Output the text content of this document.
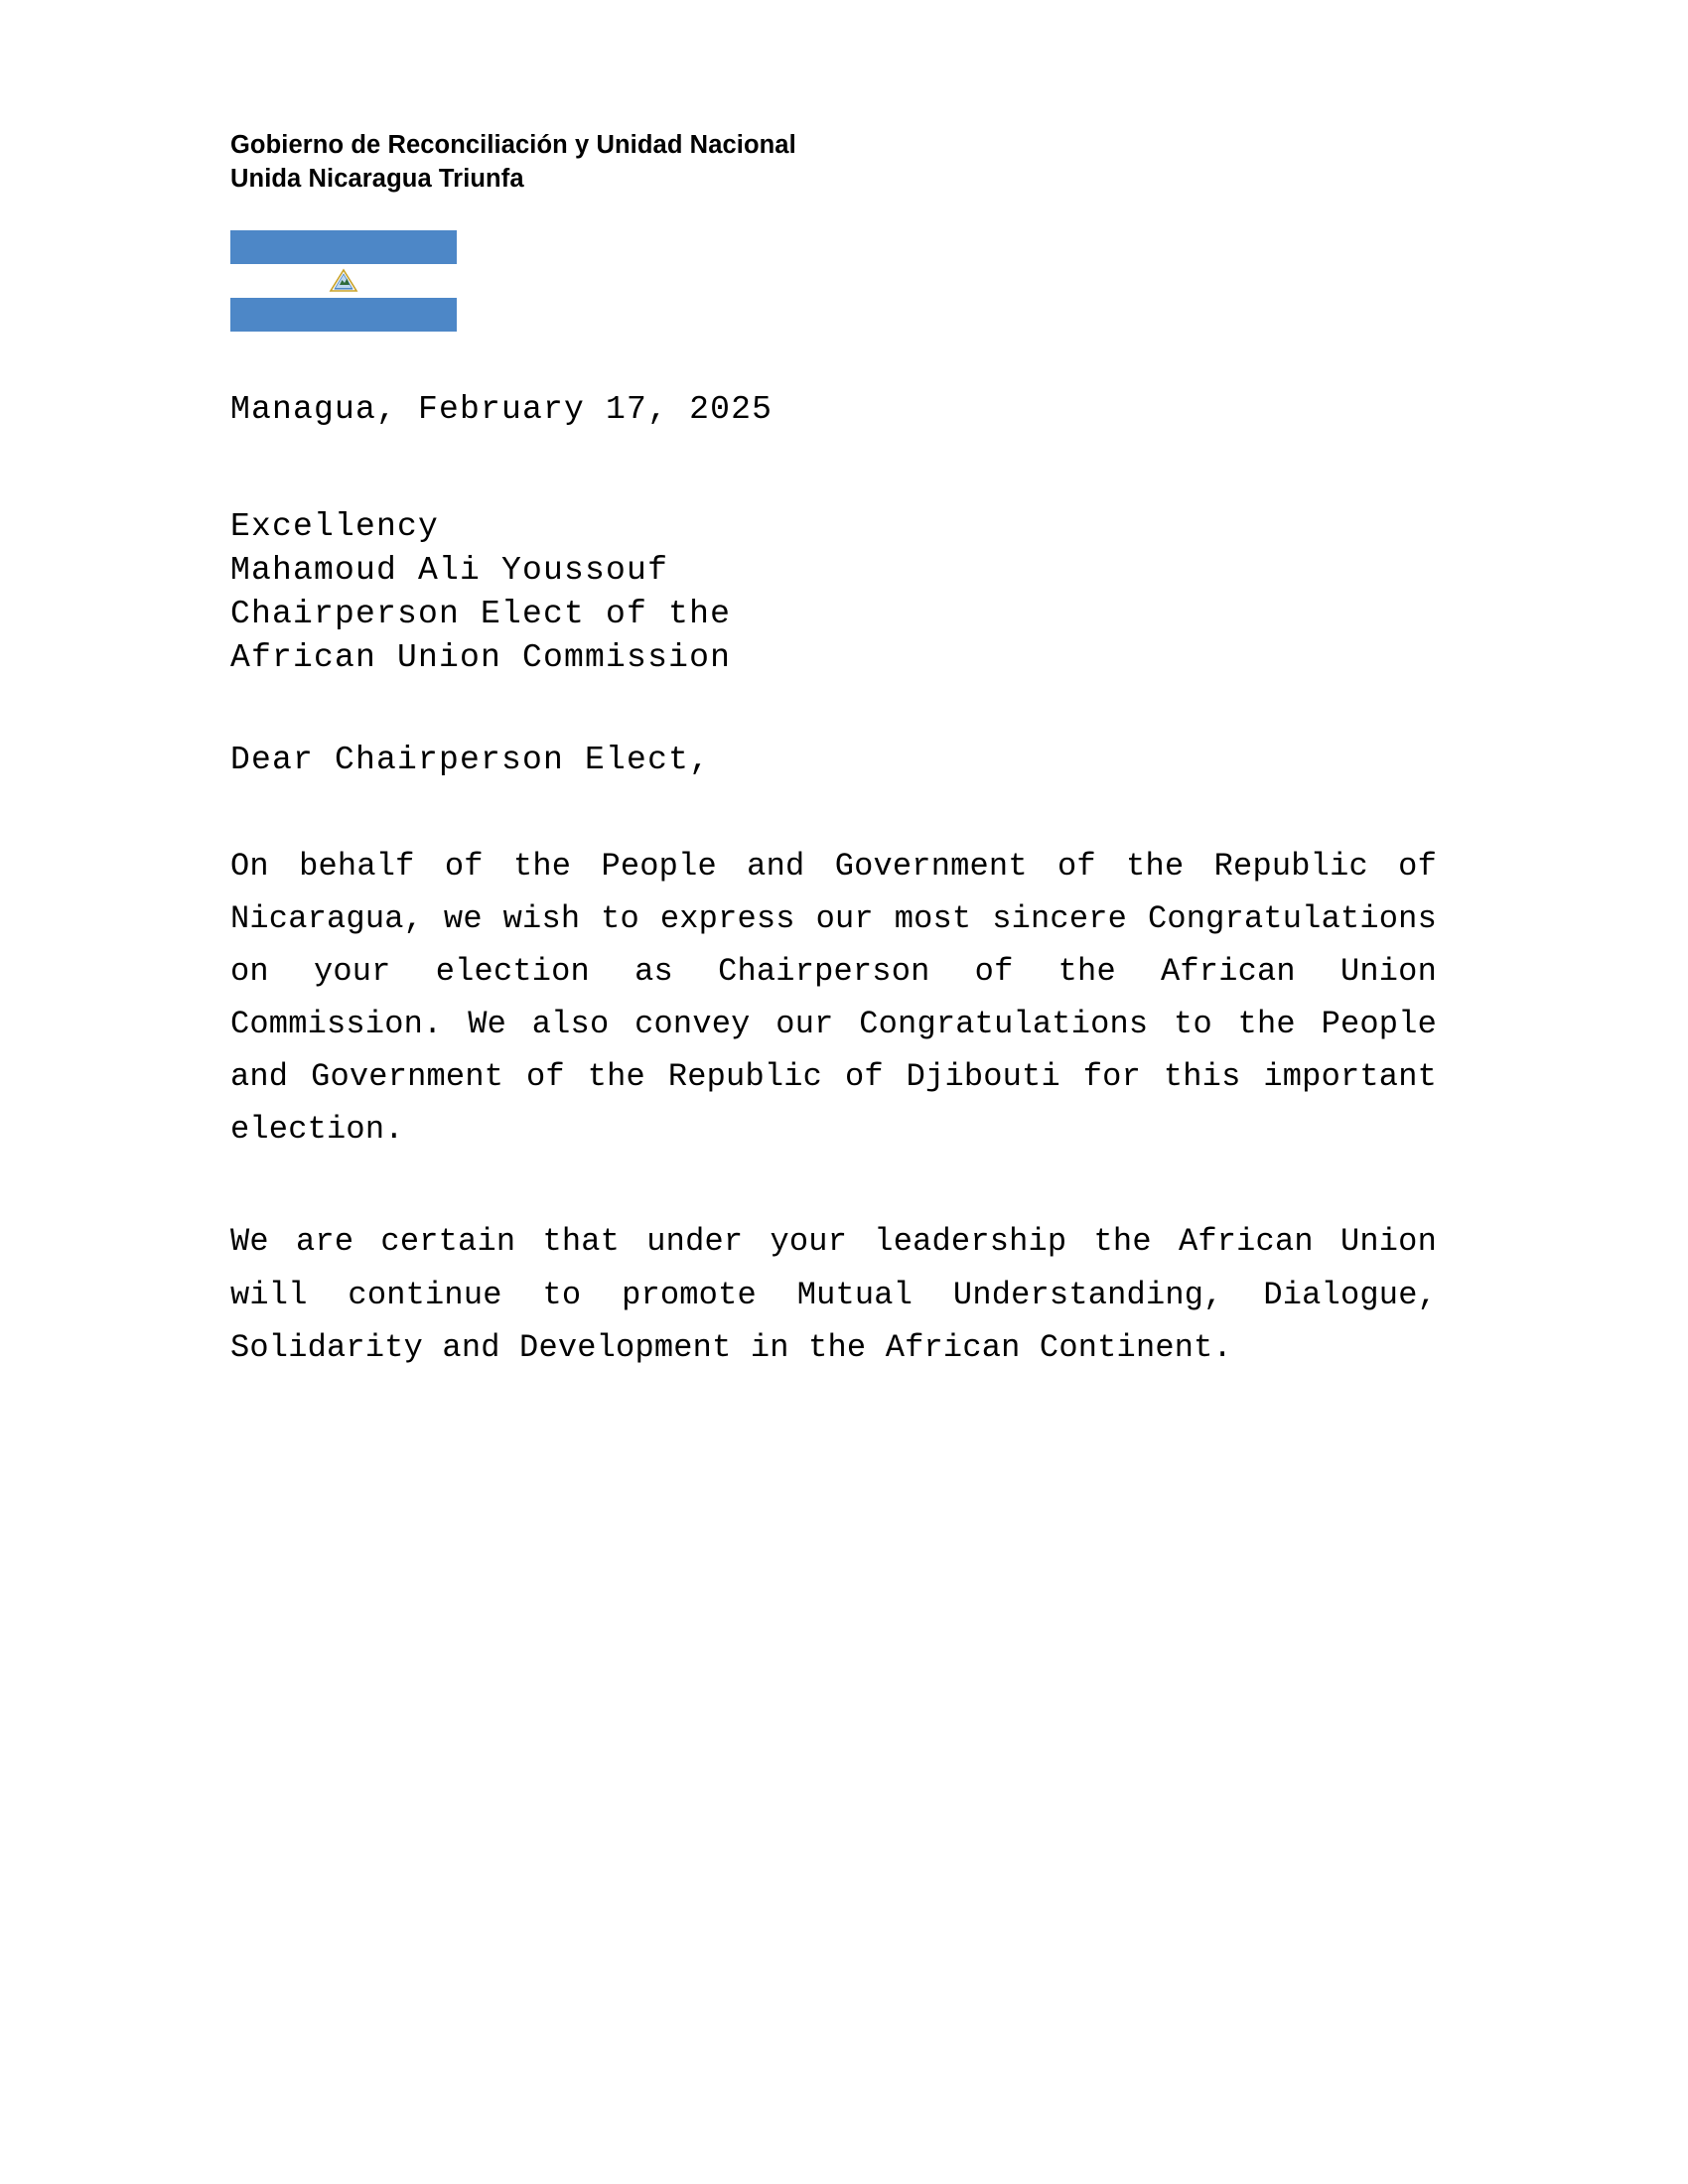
Gobierno de Reconciliación y Unidad Nacional
Unida Nicaragua Triunfa
Managua, February 17, 2025
Excellency
Mahamoud Ali Youssouf
Chairperson Elect of the
African Union Commission
Dear Chairperson Elect,
On behalf of the People and Government of the Republic of Nicaragua, we wish to express our most sincere Congratulations on your election as Chairperson of the African Union Commission. We also convey our Congratulations to the People and Government of the Republic of Djibouti for this important election.
We are certain that under your leadership the African Union will continue to promote Mutual Understanding, Dialogue, Solidarity and Development in the African Continent.
